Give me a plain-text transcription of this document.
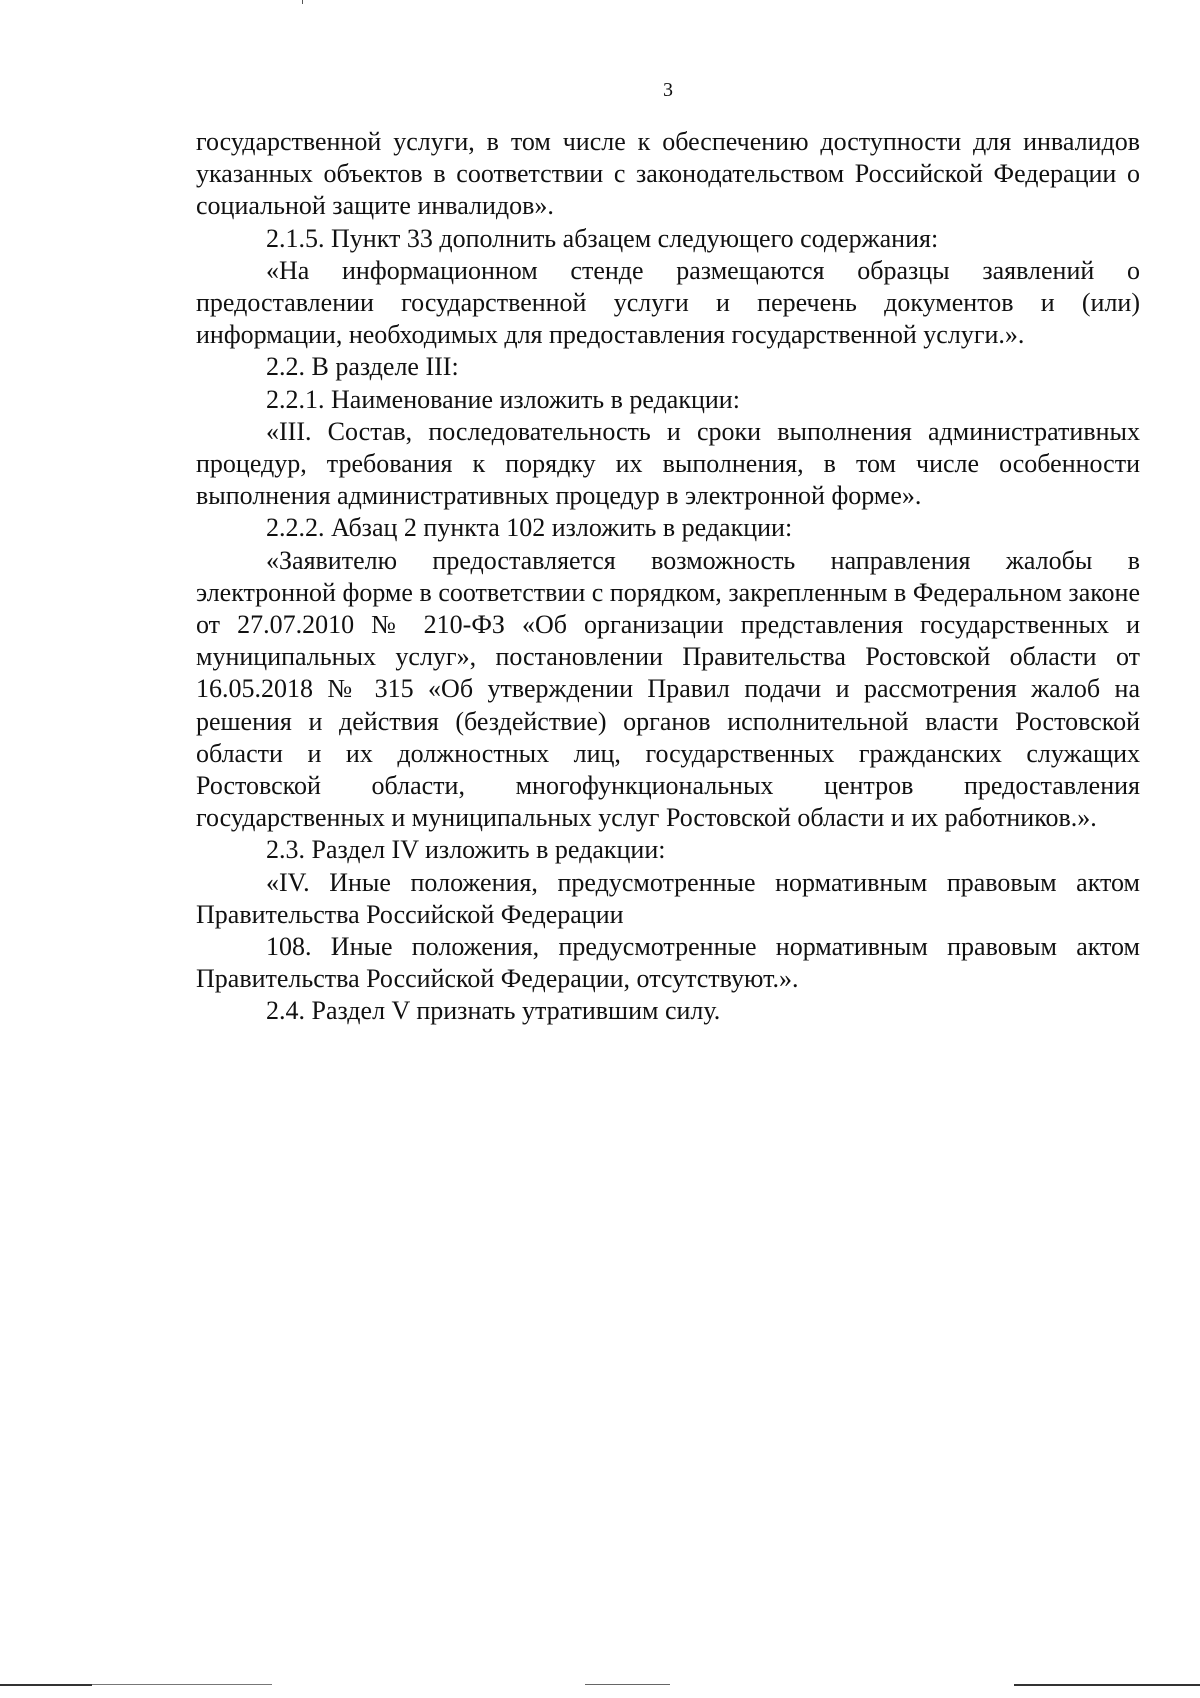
3

государственной услуги, в том числе к обеспечению доступности для инвалидов указанных объектов в соответствии с законодательством Российской Федерации о социальной защите инвалидов».

2.1.5. Пункт 33 дополнить абзацем следующего содержания:

«На информационном стенде размещаются образцы заявлений о предоставлении государственной услуги и перечень документов и (или) информации, необходимых для предоставления государственной услуги.».

2.2. В разделе III:

2.2.1. Наименование изложить в редакции:

«III. Состав, последовательность и сроки выполнения административных процедур, требования к порядку их выполнения, в том числе особенности выполнения административных процедур в электронной форме».

2.2.2. Абзац 2 пункта 102 изложить в редакции:

«Заявителю предоставляется возможность направления жалобы в электронной форме в соответствии с порядком, закрепленным в Федеральном законе от 27.07.2010 № 210-ФЗ «Об организации представления государственных и муниципальных услуг», постановлении Правительства Ростовской области от 16.05.2018 № 315 «Об утверждении Правил подачи и рассмотрения жалоб на решения и действия (бездействие) органов исполнительной власти Ростовской области и их должностных лиц, государственных гражданских служащих Ростовской области, многофункциональных центров предоставления государственных и муниципальных услуг Ростовской области и их работников.».

2.3. Раздел IV изложить в редакции:

«IV. Иные положения, предусмотренные нормативным правовым актом Правительства Российской Федерации

108. Иные положения, предусмотренные нормативным правовым актом Правительства Российской Федерации, отсутствуют.».

2.4. Раздел V признать утратившим силу.
